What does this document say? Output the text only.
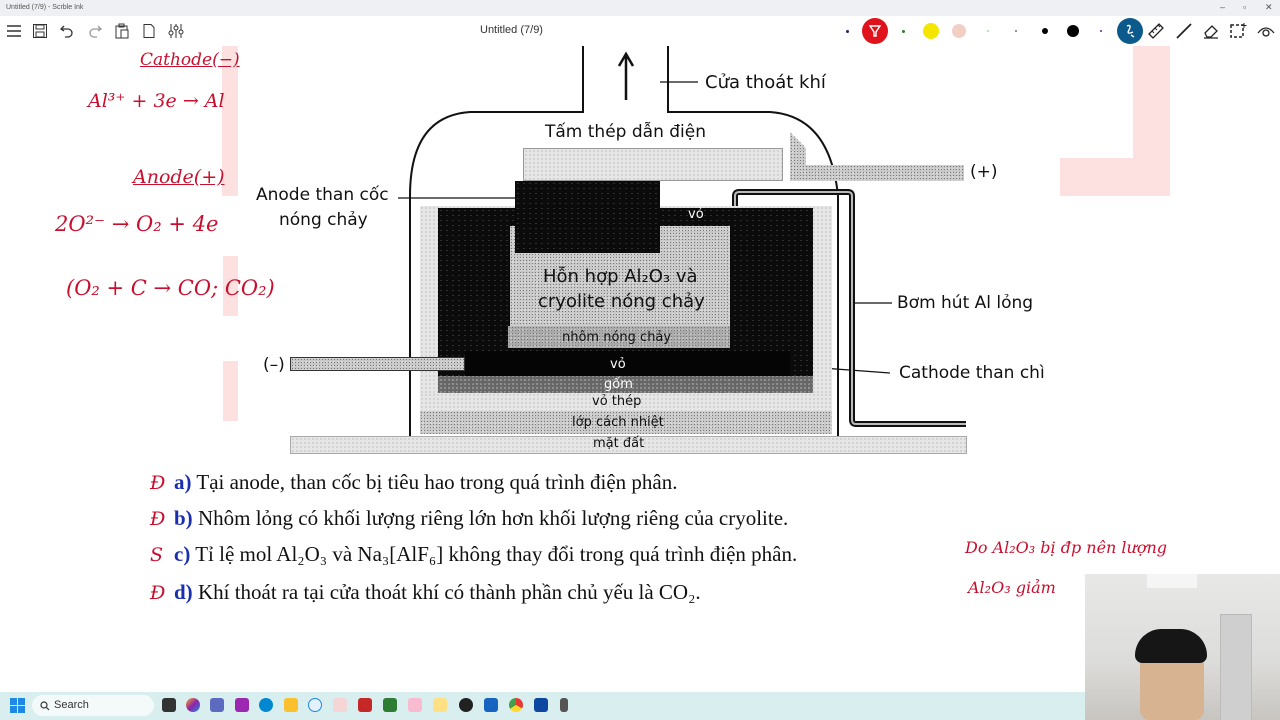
Untitled (7/9) - Scrble Ink	– ▫ ✕
Untitled (7/9)
Cathode(−)
Al³⁺ + 3e → Al
Anode(+)
2O²⁻ → O₂ + 4e
(O₂ + C → CO; CO₂)
Do Al₂O₃ bị đp nên lượng
Al₂O₃ giảm
Cửa thoát khí
Tấm thép dẫn điện
Anode than cốc
nóng chảy
(+)
(–)
vỏ
Hỗn hợp Al₂O₃ và
cryolite nóng chảy
nhôm nóng chảy
vỏ
gốm
vỏ thép
lớp cách nhiệt
mặt đất
Bơm hút Al lỏng
Cathode than chì
Đ a) Tại anode, than cốc bị tiêu hao trong quá trình điện phân.
Đ b) Nhôm lỏng có khối lượng riêng lớn hơn khối lượng riêng của cryolite.
S c) Tỉ lệ mol Al₂O₃ và Na₃[AlF₆] không thay đổi trong quá trình điện phân.
Đ d) Khí thoát ra tại cửa thoát khí có thành phần chủ yếu là CO₂.
Search
